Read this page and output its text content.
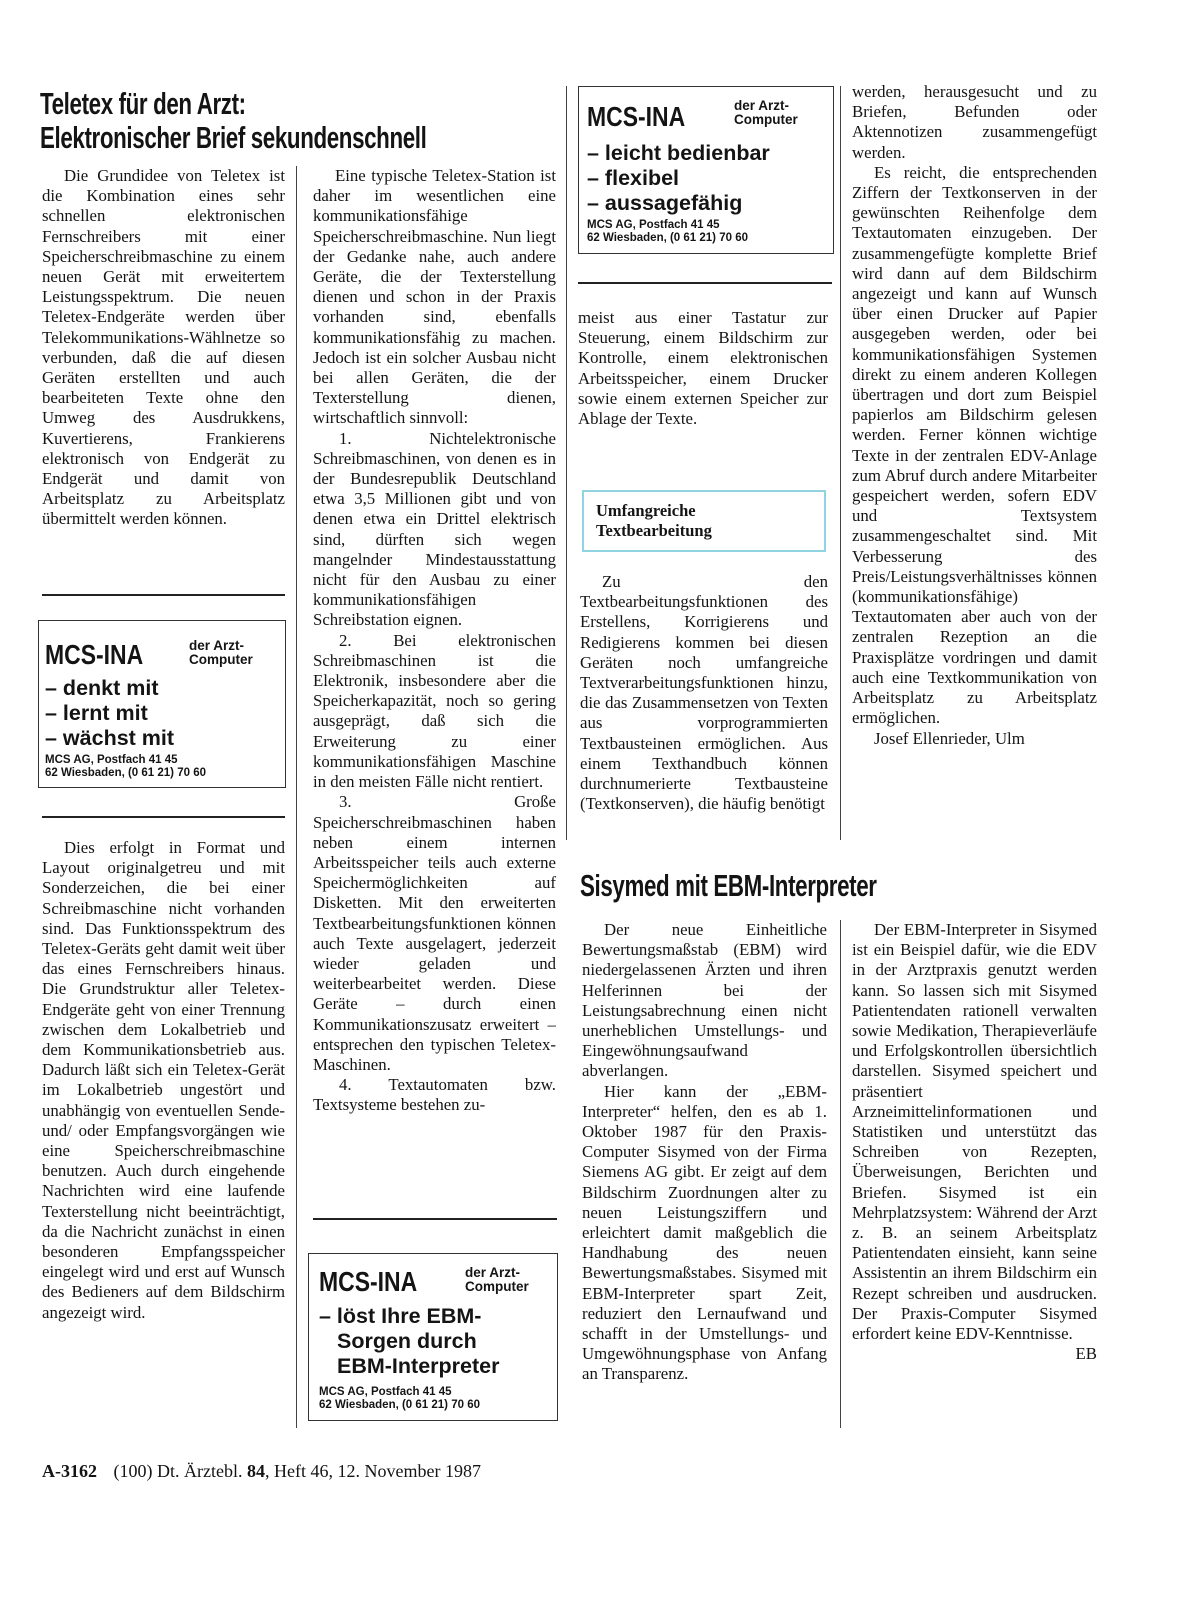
Teletex für den Arzt:
Elektronischer Brief sekundenschnell

Die Grundidee von Teletex ist die Kombination eines sehr schnellen elektronischen Fernschreibers mit einer Speicherschreibmaschine zu einem neuen Gerät mit erweitertem Leistungsspektrum. Die neuen Teletex-Endgeräte werden über Telekommunikations-Wählnetze so verbunden, daß die auf diesen Geräten erstellten und auch bearbeiteten Texte ohne den Umweg des Ausdrukkens, Kuvertierens, Frankierens elektronisch von Endgerät zu Endgerät und damit von Arbeitsplatz zu Arbeitsplatz übermittelt werden können.

MCS-INA	der Arzt-
Computer
– denkt mit
– lernt mit
– wächst mit
MCS AG, Postfach 41 45
62 Wiesbaden, (0 61 21) 70 60

Dies erfolgt in Format und Layout originalgetreu und mit Sonderzeichen, die bei einer Schreibmaschine nicht vorhanden sind. Das Funktionsspektrum des Teletex-Geräts geht damit weit über das eines Fernschreibers hinaus. Die Grundstruktur aller Teletex-Endgeräte geht von einer Trennung zwischen dem Lokalbetrieb und dem Kommunikationsbetrieb aus. Dadurch läßt sich ein Teletex-Gerät im Lokalbetrieb ungestört und unabhängig von eventuellen Sende- und/ oder Empfangsvorgängen wie eine Speicherschreibmaschine benutzen. Auch durch eingehende Nachrichten wird eine laufende Texterstellung nicht beeinträchtigt, da die Nachricht zunächst in einen besonderen Empfangsspeicher eingelegt wird und erst auf Wunsch des Bedieners auf dem Bildschirm angezeigt wird.

Eine typische Teletex-Station ist daher im wesentlichen eine kommunikationsfähige Speicherschreibmaschine. Nun liegt der Gedanke nahe, auch andere Geräte, die der Texterstellung dienen und schon in der Praxis vorhanden sind, ebenfalls kommunikationsfähig zu machen. Jedoch ist ein solcher Ausbau nicht bei allen Geräten, die der Texterstellung dienen, wirtschaftlich sinnvoll:

1. Nichtelektronische Schreibmaschinen, von denen es in der Bundesrepublik Deutschland etwa 3,5 Millionen gibt und von denen etwa ein Drittel elektrisch sind, dürften sich wegen mangelnder Mindestausstattung nicht für den Ausbau zu einer kommunikationsfähigen Schreibstation eignen.

2. Bei elektronischen Schreibmaschinen ist die Elektronik, insbesondere aber die Speicherkapazität, noch so gering ausgeprägt, daß sich die Erweiterung zu einer kommunikationsfähigen Maschine in den meisten Fälle nicht rentiert.

3. Große Speicherschreibmaschinen haben neben einem internen Arbeitsspeicher teils auch externe Speichermöglichkeiten auf Disketten. Mit den erweiterten Textbearbeitungsfunktionen können auch Texte ausgelagert, jederzeit wieder geladen und weiterbearbeitet werden. Diese Geräte – durch einen Kommunikationszusatz erweitert – entsprechen den typischen Teletex-Maschinen.

4. Textautomaten bzw. Textsysteme bestehen zu-

MCS-INA	der Arzt-
Computer
– löst Ihre EBM-
Sorgen durch
EBM-Interpreter
MCS AG, Postfach 41 45
62 Wiesbaden, (0 61 21) 70 60
MCS-INA	der Arzt-
Computer
– leicht bedienbar
– flexibel
– aussagefähig
MCS AG, Postfach 41 45
62 Wiesbaden, (0 61 21) 70 60

meist aus einer Tastatur zur Steuerung, einem Bildschirm zur Kontrolle, einem elektronischen Arbeitsspeicher, einem Drucker sowie einem externen Speicher zur Ablage der Texte.

Umfangreiche
Textbearbeitung

Zu den Textbearbeitungsfunktionen des Erstellens, Korrigierens und Redigierens kommen bei diesen Geräten noch umfangreiche Textverarbeitungsfunktionen hinzu, die das Zusammensetzen von Texten aus vorprogrammierten Textbausteinen ermöglichen. Aus einem Texthandbuch können durchnumerierte Textbausteine (Textkonserven), die häufig benötigt

werden, herausgesucht und zu Briefen, Befunden oder Aktennotizen zusammengefügt werden.

Es reicht, die entsprechenden Ziffern der Textkonserven in der gewünschten Reihenfolge dem Textautomaten einzugeben. Der zusammengefügte komplette Brief wird dann auf dem Bildschirm angezeigt und kann auf Wunsch über einen Drucker auf Papier ausgegeben werden, oder bei kommunikationsfähigen Systemen direkt zu einem anderen Kollegen übertragen und dort zum Beispiel papierlos am Bildschirm gelesen werden. Ferner können wichtige Texte in der zentralen EDV-Anlage zum Abruf durch andere Mitarbeiter gespeichert werden, sofern EDV und Textsystem zusammengeschaltet sind. Mit Verbesserung des Preis/Leistungsverhältnisses können (kommunikationsfähige) Textautomaten aber auch von der zentralen Rezeption an die Praxisplätze vordringen und damit auch eine Textkommunikation von Arbeitsplatz zu Arbeitsplatz ermöglichen.

Josef Ellenrieder, Ulm

Sisymed mit EBM-Interpreter

Der neue Einheitliche Bewertungsmaßstab (EBM) wird niedergelassenen Ärzten und ihren Helferinnen bei der Leistungsabrechnung einen nicht unerheblichen Umstellungs- und Eingewöhnungsaufwand abverlangen.

Hier kann der „EBM-Interpreter“ helfen, den es ab 1. Oktober 1987 für den Praxis-Computer Sisymed von der Firma Siemens AG gibt. Er zeigt auf dem Bildschirm Zuordnungen alter zu neuen Leistungsziffern und erleichtert damit maßgeblich die Handhabung des neuen Bewertungsmaßstabes. Sisymed mit EBM-Interpreter spart Zeit, reduziert den Lernaufwand und schafft in der Umstellungs- und Umgewöhnungsphase von Anfang an Transparenz.

Der EBM-Interpreter in Sisymed ist ein Beispiel dafür, wie die EDV in der Arztpraxis genutzt werden kann. So lassen sich mit Sisymed Patientendaten rationell verwalten sowie Medikation, Therapieverläufe und Erfolgskontrollen übersichtlich darstellen. Sisymed speichert und präsentiert Arzneimittelinformationen und Statistiken und unterstützt das Schreiben von Rezepten, Überweisungen, Berichten und Briefen. Sisymed ist ein Mehrplatzsystem: Während der Arzt z. B. an seinem Arbeitsplatz Patientendaten einsieht, kann seine Assistentin an ihrem Bildschirm ein Rezept schreiben und ausdrucken. Der Praxis-Computer Sisymed erfordert keine EDV-Kenntnisse.
EB

A-3162 (100) Dt. Ärztebl. 84, Heft 46, 12. November 1987
